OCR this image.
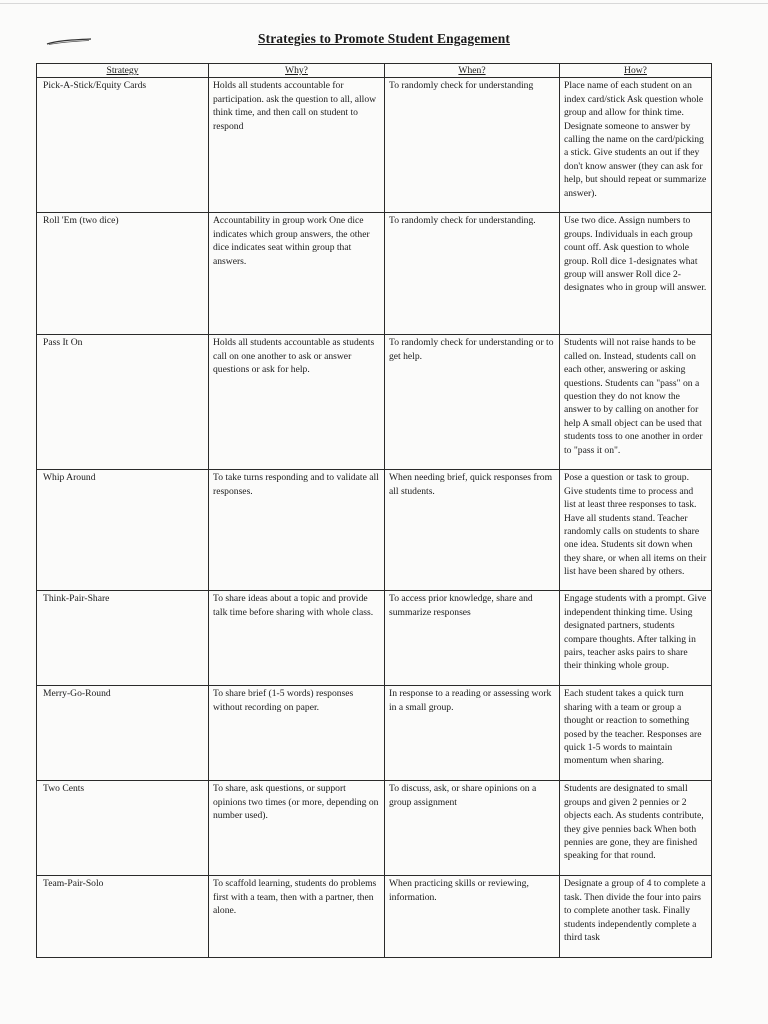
Strategies to Promote Student Engagement
Strategy	Why?	When?	How?
Pick-A-Stick/Equity Cards	Holds all students accountable for participation. ask the question to all, allow think time, and then call on student to respond	To randomly check for understanding	Place name of each student on an index card/stick Ask question whole group and allow for think time. Designate someone to answer by calling the name on the card/picking a stick. Give students an out if they don't know answer (they can ask for help, but should repeat or summarize answer).
Roll 'Em (two dice)	Accountability in group work One dice indicates which group answers, the other dice indicates seat within group that answers.	To randomly check for understanding.	Use two dice. Assign numbers to groups. Individuals in each group count off. Ask question to whole group. Roll dice 1-designates what group will answer Roll dice 2-designates who in group will answer.
Pass It On	Holds all students accountable as students call on one another to ask or answer questions or ask for help.	To randomly check for understanding or to get help.	Students will not raise hands to be called on. Instead, students call on each other, answering or asking questions. Students can "pass" on a question they do not know the answer to by calling on another for help A small object can be used that students toss to one another in order to "pass it on".
Whip Around	To take turns responding and to validate all responses.	When needing brief, quick responses from all students.	Pose a question or task to group. Give students time to process and list at least three responses to task. Have all students stand. Teacher randomly calls on students to share one idea. Students sit down when they share, or when all items on their list have been shared by others.
Think-Pair-Share	To share ideas about a topic and provide talk time before sharing with whole class.	To access prior knowledge, share and summarize responses	Engage students with a prompt. Give independent thinking time. Using designated partners, students compare thoughts. After talking in pairs, teacher asks pairs to share their thinking whole group.
Merry-Go-Round	To share brief (1-5 words) responses without recording on paper.	In response to a reading or assessing work in a small group.	Each student takes a quick turn sharing with a team or group a thought or reaction to something posed by the teacher. Responses are quick 1-5 words to maintain momentum when sharing.
Two Cents	To share, ask questions, or support opinions two times (or more, depending on number used).	To discuss, ask, or share opinions on a group assignment	Students are designated to small groups and given 2 pennies or 2 objects each. As students contribute, they give pennies back When both pennies are gone, they are finished speaking for that round.
Team-Pair-Solo	To scaffold learning, students do problems first with a team, then with a partner, then alone.	When practicing skills or reviewing, information.	Designate a group of 4 to complete a task. Then divide the four into pairs to complete another task. Finally students independently complete a third task
